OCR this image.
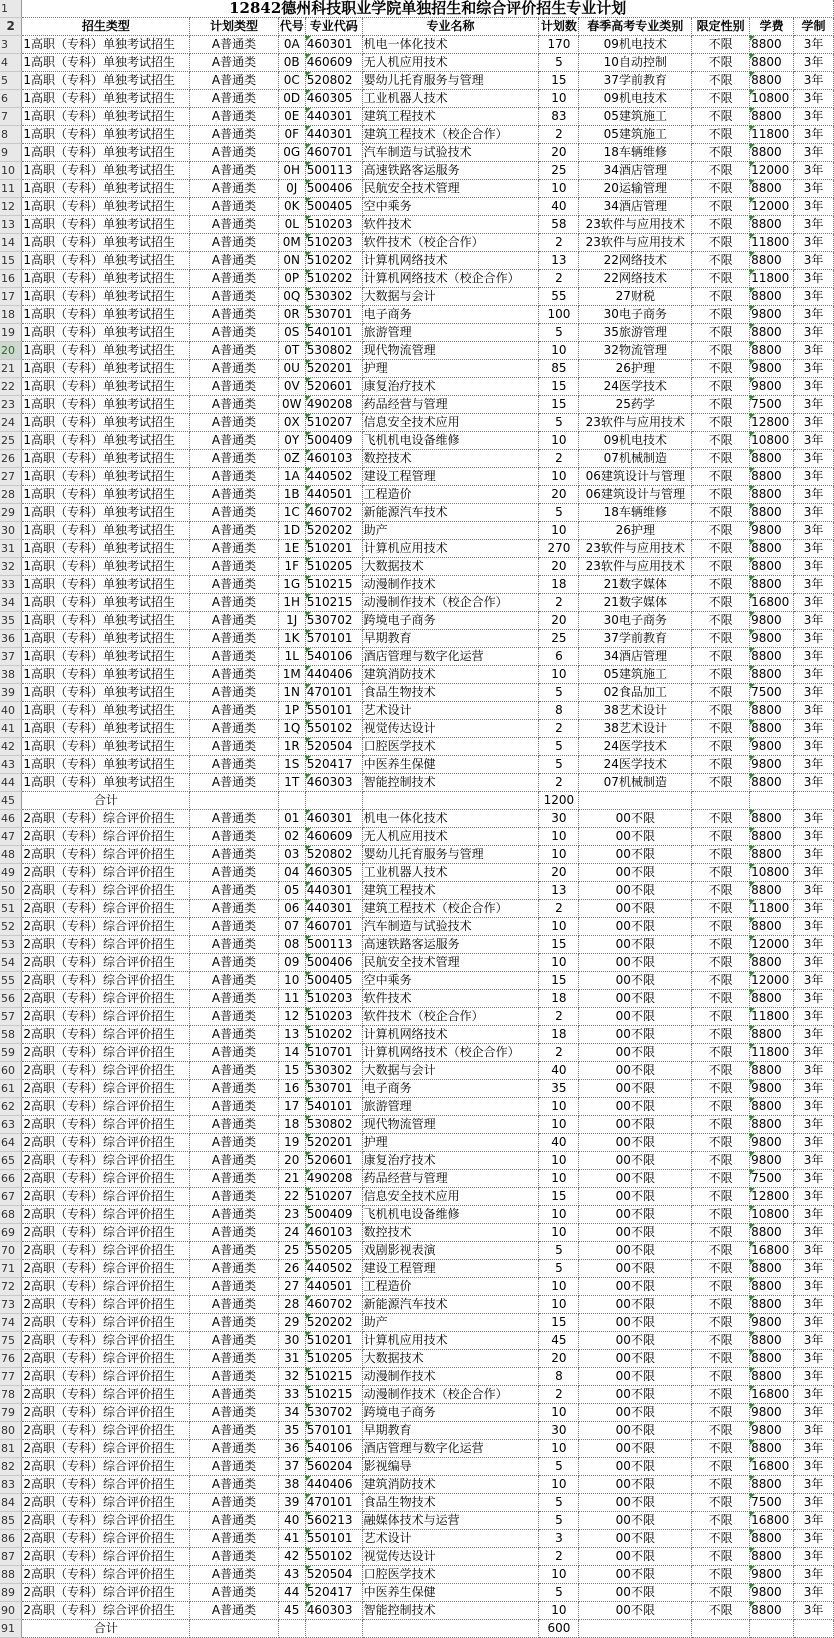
1	12842德州科技职业学院单独招生和综合评价招生专业计划									
2	招生类型	计划类型	代号	专业代码	专业名称	计划数	春季高考专业类别	限定性别	学费	学制
3	1高职（专科）单独考试招生	A普通类	0A	460301	机电一体化技术	170	09机电技术	不限	8800	3年
4	1高职（专科）单独考试招生	A普通类	0B	460609	无人机应用技术	5	10自动控制	不限	8800	3年
5	1高职（专科）单独考试招生	A普通类	0C	520802	婴幼儿托育服务与管理	15	37学前教育	不限	8800	3年
6	1高职（专科）单独考试招生	A普通类	0D	460305	工业机器人技术	10	09机电技术	不限	10800	3年
7	1高职（专科）单独考试招生	A普通类	0E	440301	建筑工程技术	83	05建筑施工	不限	8800	3年
8	1高职（专科）单独考试招生	A普通类	0F	440301	建筑工程技术（校企合作）	2	05建筑施工	不限	11800	3年
9	1高职（专科）单独考试招生	A普通类	0G	460701	汽车制造与试验技术	20	18车辆维修	不限	8800	3年
10	1高职（专科）单独考试招生	A普通类	0H	500113	高速铁路客运服务	25	34酒店管理	不限	12000	3年
11	1高职（专科）单独考试招生	A普通类	0J	500406	民航安全技术管理	10	20运输管理	不限	8800	3年
12	1高职（专科）单独考试招生	A普通类	0K	500405	空中乘务	40	34酒店管理	不限	12000	3年
13	1高职（专科）单独考试招生	A普通类	0L	510203	软件技术	58	23软件与应用技术	不限	8800	3年
14	1高职（专科）单独考试招生	A普通类	0M	510203	软件技术（校企合作）	2	23软件与应用技术	不限	11800	3年
15	1高职（专科）单独考试招生	A普通类	0N	510202	计算机网络技术	13	22网络技术	不限	8800	3年
16	1高职（专科）单独考试招生	A普通类	0P	510202	计算机网络技术（校企合作）	2	22网络技术	不限	11800	3年
17	1高职（专科）单独考试招生	A普通类	0Q	530302	大数据与会计	55	27财税	不限	8800	3年
18	1高职（专科）单独考试招生	A普通类	0R	530701	电子商务	100	30电子商务	不限	9800	3年
19	1高职（专科）单独考试招生	A普通类	0S	540101	旅游管理	5	35旅游管理	不限	8800	3年
20	1高职（专科）单独考试招生	A普通类	0T	530802	现代物流管理	10	32物流管理	不限	8800	3年
21	1高职（专科）单独考试招生	A普通类	0U	520201	护理	85	26护理	不限	9800	3年
22	1高职（专科）单独考试招生	A普通类	0V	520601	康复治疗技术	15	24医学技术	不限	9800	3年
23	1高职（专科）单独考试招生	A普通类	0W	490208	药品经营与管理	15	25药学	不限	7500	3年
24	1高职（专科）单独考试招生	A普通类	0X	510207	信息安全技术应用	5	23软件与应用技术	不限	12800	3年
25	1高职（专科）单独考试招生	A普通类	0Y	500409	飞机机电设备维修	10	09机电技术	不限	10800	3年
26	1高职（专科）单独考试招生	A普通类	0Z	460103	数控技术	2	07机械制造	不限	8800	3年
27	1高职（专科）单独考试招生	A普通类	1A	440502	建设工程管理	10	06建筑设计与管理	不限	8800	3年
28	1高职（专科）单独考试招生	A普通类	1B	440501	工程造价	20	06建筑设计与管理	不限	8800	3年
29	1高职（专科）单独考试招生	A普通类	1C	460702	新能源汽车技术	5	18车辆维修	不限	8800	3年
30	1高职（专科）单独考试招生	A普通类	1D	520202	助产	10	26护理	不限	9800	3年
31	1高职（专科）单独考试招生	A普通类	1E	510201	计算机应用技术	270	23软件与应用技术	不限	8800	3年
32	1高职（专科）单独考试招生	A普通类	1F	510205	大数据技术	20	23软件与应用技术	不限	8800	3年
33	1高职（专科）单独考试招生	A普通类	1G	510215	动漫制作技术	18	21数字媒体	不限	8800	3年
34	1高职（专科）单独考试招生	A普通类	1H	510215	动漫制作技术（校企合作）	2	21数字媒体	不限	16800	3年
35	1高职（专科）单独考试招生	A普通类	1J	530702	跨境电子商务	20	30电子商务	不限	9800	3年
36	1高职（专科）单独考试招生	A普通类	1K	570101	早期教育	25	37学前教育	不限	9800	3年
37	1高职（专科）单独考试招生	A普通类	1L	540106	酒店管理与数字化运营	6	34酒店管理	不限	8800	3年
38	1高职（专科）单独考试招生	A普通类	1M	440406	建筑消防技术	10	05建筑施工	不限	8800	3年
39	1高职（专科）单独考试招生	A普通类	1N	470101	食品生物技术	5	02食品加工	不限	7500	3年
40	1高职（专科）单独考试招生	A普通类	1P	550101	艺术设计	8	38艺术设计	不限	8800	3年
41	1高职（专科）单独考试招生	A普通类	1Q	550102	视觉传达设计	2	38艺术设计	不限	8800	3年
42	1高职（专科）单独考试招生	A普通类	1R	520504	口腔医学技术	5	24医学技术	不限	9800	3年
43	1高职（专科）单独考试招生	A普通类	1S	520417	中医养生保健	5	24医学技术	不限	9800	3年
44	1高职（专科）单独考试招生	A普通类	1T	460303	智能控制技术	2	07机械制造	不限	8800	3年
45	合计					1200				
46	2高职（专科）综合评价招生	A普通类	01	460301	机电一体化技术	30	00不限	不限	8800	3年
47	2高职（专科）综合评价招生	A普通类	02	460609	无人机应用技术	10	00不限	不限	8800	3年
48	2高职（专科）综合评价招生	A普通类	03	520802	婴幼儿托育服务与管理	10	00不限	不限	8800	3年
49	2高职（专科）综合评价招生	A普通类	04	460305	工业机器人技术	20	00不限	不限	10800	3年
50	2高职（专科）综合评价招生	A普通类	05	440301	建筑工程技术	13	00不限	不限	8800	3年
51	2高职（专科）综合评价招生	A普通类	06	440301	建筑工程技术（校企合作）	2	00不限	不限	11800	3年
52	2高职（专科）综合评价招生	A普通类	07	460701	汽车制造与试验技术	10	00不限	不限	8800	3年
53	2高职（专科）综合评价招生	A普通类	08	500113	高速铁路客运服务	15	00不限	不限	12000	3年
54	2高职（专科）综合评价招生	A普通类	09	500406	民航安全技术管理	10	00不限	不限	8800	3年
55	2高职（专科）综合评价招生	A普通类	10	500405	空中乘务	15	00不限	不限	12000	3年
56	2高职（专科）综合评价招生	A普通类	11	510203	软件技术	18	00不限	不限	8800	3年
57	2高职（专科）综合评价招生	A普通类	12	510203	软件技术（校企合作）	2	00不限	不限	11800	3年
58	2高职（专科）综合评价招生	A普通类	13	510202	计算机网络技术	18	00不限	不限	8800	3年
59	2高职（专科）综合评价招生	A普通类	14	510701	计算机网络技术（校企合作）	2	00不限	不限	11800	3年
60	2高职（专科）综合评价招生	A普通类	15	530302	大数据与会计	40	00不限	不限	8800	3年
61	2高职（专科）综合评价招生	A普通类	16	530701	电子商务	35	00不限	不限	9800	3年
62	2高职（专科）综合评价招生	A普通类	17	540101	旅游管理	10	00不限	不限	8800	3年
63	2高职（专科）综合评价招生	A普通类	18	530802	现代物流管理	10	00不限	不限	8800	3年
64	2高职（专科）综合评价招生	A普通类	19	520201	护理	40	00不限	不限	9800	3年
65	2高职（专科）综合评价招生	A普通类	20	520601	康复治疗技术	10	00不限	不限	9800	3年
66	2高职（专科）综合评价招生	A普通类	21	490208	药品经营与管理	10	00不限	不限	7500	3年
67	2高职（专科）综合评价招生	A普通类	22	510207	信息安全技术应用	15	00不限	不限	12800	3年
68	2高职（专科）综合评价招生	A普通类	23	500409	飞机机电设备维修	10	00不限	不限	10800	3年
69	2高职（专科）综合评价招生	A普通类	24	460103	数控技术	10	00不限	不限	8800	3年
70	2高职（专科）综合评价招生	A普通类	25	550205	戏剧影视表演	5	00不限	不限	16800	3年
71	2高职（专科）综合评价招生	A普通类	26	440502	建设工程管理	5	00不限	不限	8800	3年
72	2高职（专科）综合评价招生	A普通类	27	440501	工程造价	10	00不限	不限	8800	3年
73	2高职（专科）综合评价招生	A普通类	28	460702	新能源汽车技术	10	00不限	不限	8800	3年
74	2高职（专科）综合评价招生	A普通类	29	520202	助产	15	00不限	不限	9800	3年
75	2高职（专科）综合评价招生	A普通类	30	510201	计算机应用技术	45	00不限	不限	8800	3年
76	2高职（专科）综合评价招生	A普通类	31	510205	大数据技术	20	00不限	不限	8800	3年
77	2高职（专科）综合评价招生	A普通类	32	510215	动漫制作技术	8	00不限	不限	8800	3年
78	2高职（专科）综合评价招生	A普通类	33	510215	动漫制作技术（校企合作）	2	00不限	不限	16800	3年
79	2高职（专科）综合评价招生	A普通类	34	530702	跨境电子商务	10	00不限	不限	9800	3年
80	2高职（专科）综合评价招生	A普通类	35	570101	早期教育	30	00不限	不限	9800	3年
81	2高职（专科）综合评价招生	A普通类	36	540106	酒店管理与数字化运营	10	00不限	不限	8800	3年
82	2高职（专科）综合评价招生	A普通类	37	560204	影视编导	5	00不限	不限	16800	3年
83	2高职（专科）综合评价招生	A普通类	38	440406	建筑消防技术	10	00不限	不限	8800	3年
84	2高职（专科）综合评价招生	A普通类	39	470101	食品生物技术	5	00不限	不限	7500	3年
85	2高职（专科）综合评价招生	A普通类	40	560213	融媒体技术与运营	5	00不限	不限	16800	3年
86	2高职（专科）综合评价招生	A普通类	41	550101	艺术设计	3	00不限	不限	8800	3年
87	2高职（专科）综合评价招生	A普通类	42	550102	视觉传达设计	2	00不限	不限	8800	3年
88	2高职（专科）综合评价招生	A普通类	43	520504	口腔医学技术	10	00不限	不限	9800	3年
89	2高职（专科）综合评价招生	A普通类	44	520417	中医养生保健	5	00不限	不限	9800	3年
90	2高职（专科）综合评价招生	A普通类	45	460303	智能控制技术	10	00不限	不限	8800	3年
91	合计					600				
